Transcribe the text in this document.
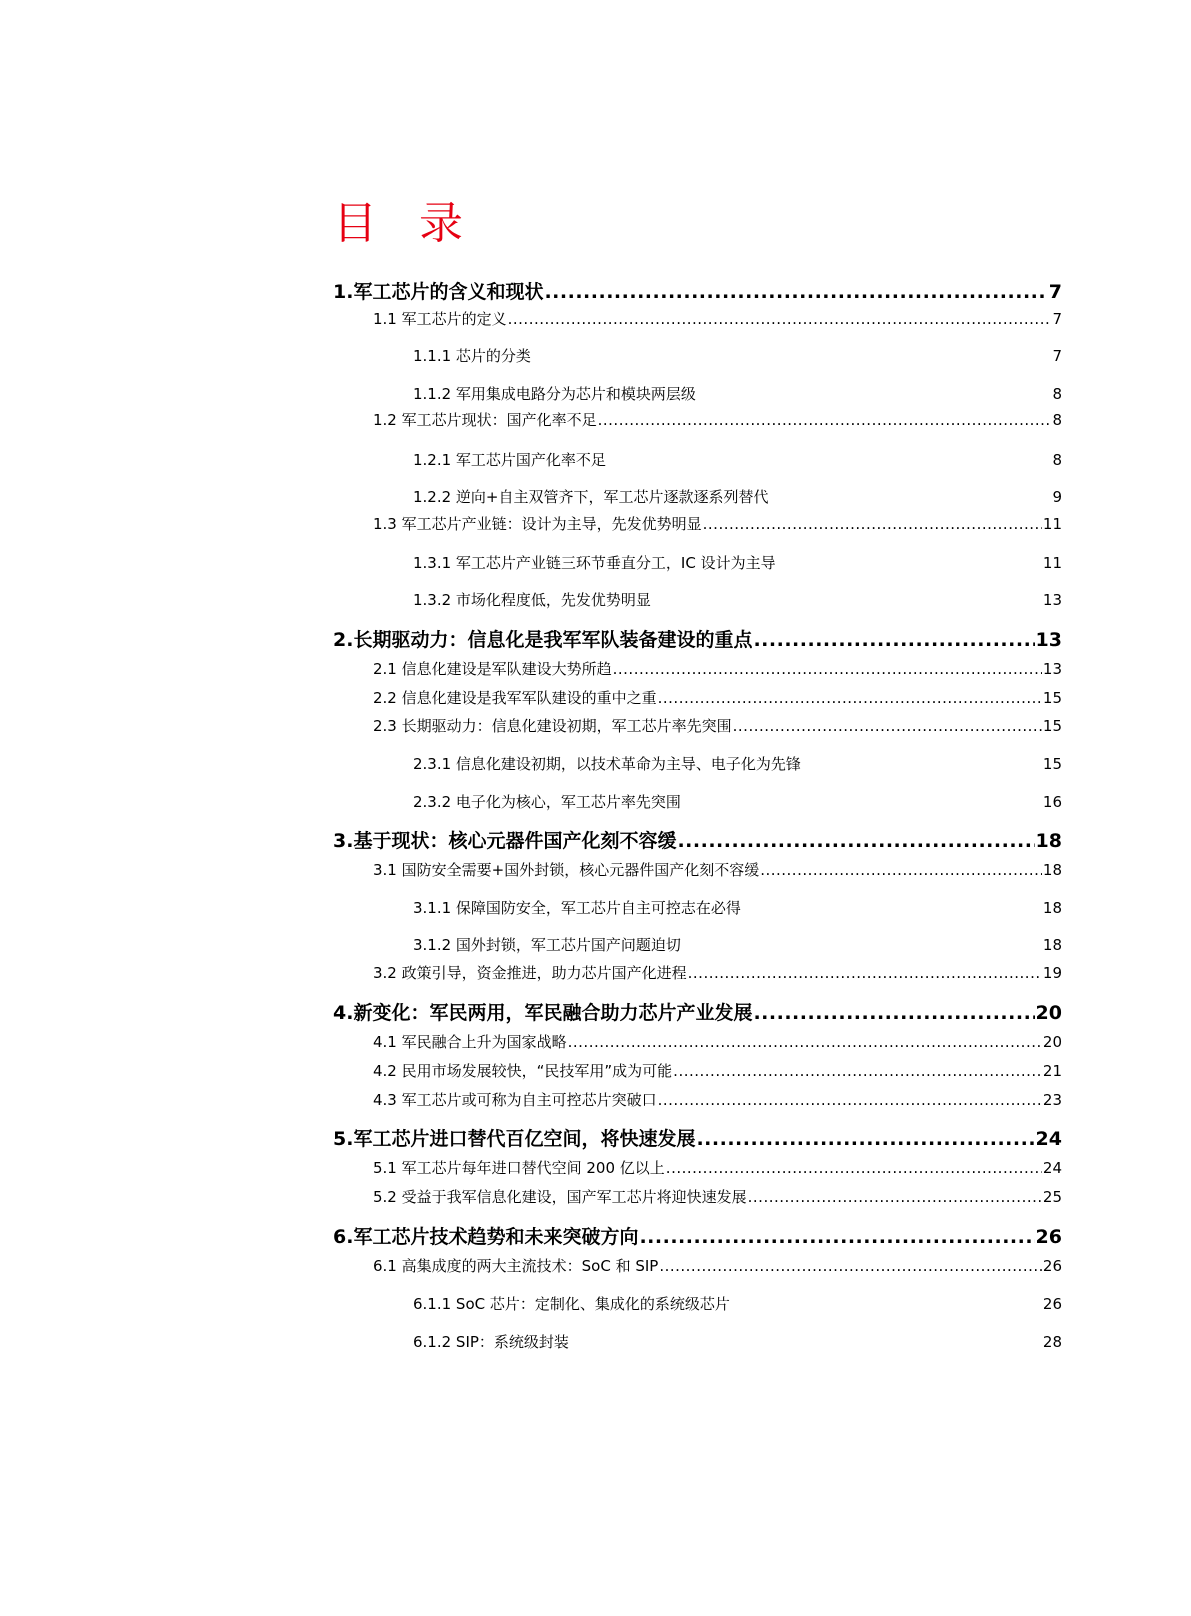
目 录
1.军工芯片的含义和现状 .....	7
1.1 军工芯片的定义 .....	7
1.1.1 芯片的分类	7
1.1.2 军用集成电路分为芯片和模块两层级	8
1.2 军工芯片现状：国产化率不足 .....	8
1.2.1 军工芯片国产化率不足	8
1.2.2 逆向+自主双管齐下，军工芯片逐款逐系列替代	9
1.3 军工芯片产业链：设计为主导，先发优势明显 .....	11
1.3.1 军工芯片产业链三环节垂直分工，IC 设计为主导	11
1.3.2 市场化程度低，先发优势明显	13
2.长期驱动力：信息化是我军军队装备建设的重点 .....	13
2.1 信息化建设是军队建设大势所趋 .....	13
2.2 信息化建设是我军军队建设的重中之重 .....	15
2.3 长期驱动力：信息化建设初期，军工芯片率先突围 .....	15
2.3.1 信息化建设初期，以技术革命为主导、电子化为先锋	15
2.3.2 电子化为核心，军工芯片率先突围	16
3.基于现状：核心元器件国产化刻不容缓 .....	18
3.1 国防安全需要+国外封锁，核心元器件国产化刻不容缓 .....	18
3.1.1 保障国防安全，军工芯片自主可控志在必得	18
3.1.2 国外封锁，军工芯片国产问题迫切	18
3.2 政策引导，资金推进，助力芯片国产化进程 .....	19
4.新变化：军民两用，军民融合助力芯片产业发展 .....	20
4.1 军民融合上升为国家战略 .....	20
4.2 民用市场发展较快，“民技军用”成为可能 .....	21
4.3 军工芯片或可称为自主可控芯片突破口 .....	23
5.军工芯片进口替代百亿空间，将快速发展 .....	24
5.1 军工芯片每年进口替代空间 200 亿以上 .....	24
5.2 受益于我军信息化建设，国产军工芯片将迎快速发展 .....	25
6.军工芯片技术趋势和未来突破方向 .....	26
6.1 高集成度的两大主流技术：SoC 和 SIP .....	26
6.1.1 SoC 芯片：定制化、集成化的系统级芯片	26
6.1.2 SIP：系统级封装	28
